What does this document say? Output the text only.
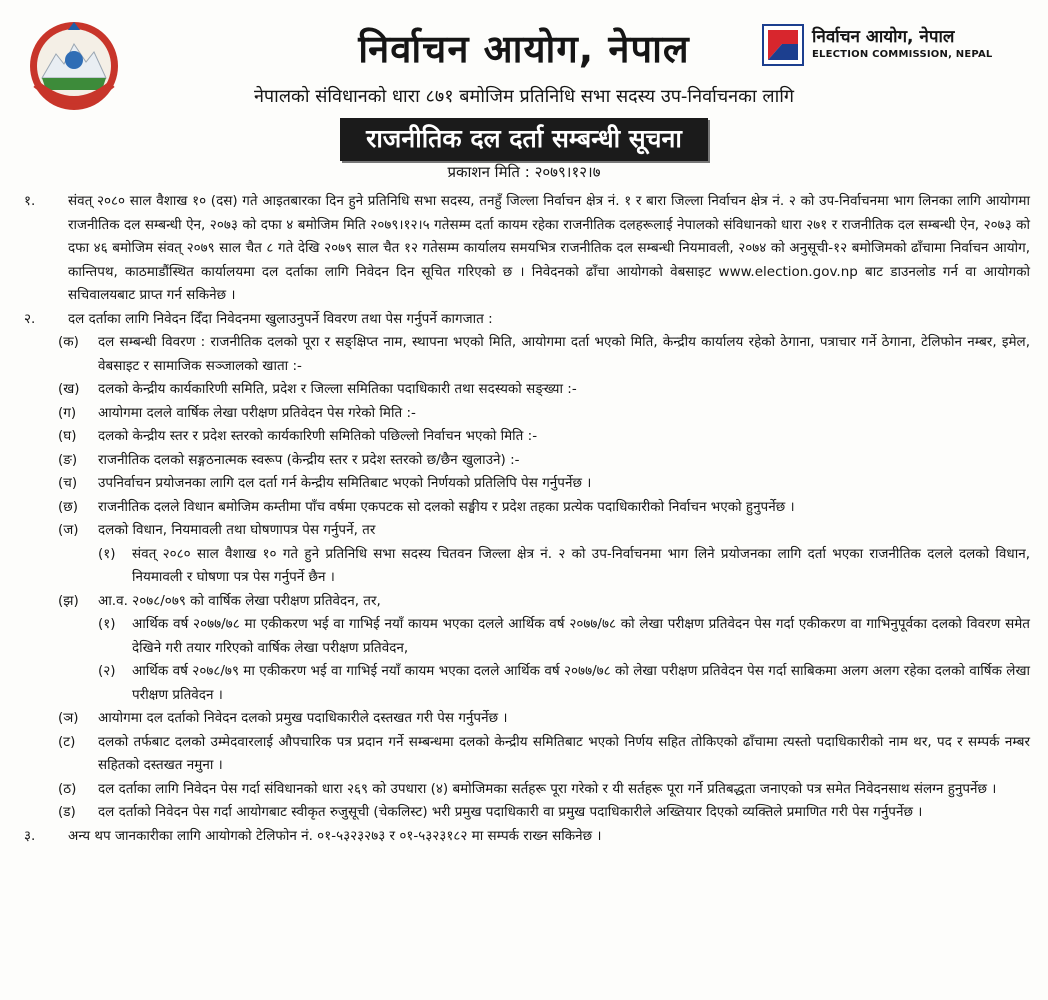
निर्वाचन आयोग, नेपाल	निर्वाचन आयोग, नेपाल
ELECTION COMMISSION, NEPAL
नेपालको संविधानको धारा ८७१ बमोजिम प्रतिनिधि सभा सदस्य उप-निर्वाचनका लागि
राजनीतिक दल दर्ता सम्बन्धी सूचना
प्रकाशन मिति : २०७९।१२।७
१.	संवत् २०८० साल वैशाख १० (दस) गते आइतबारका दिन हुने प्रतिनिधि सभा सदस्य, तनहुँ जिल्ला निर्वाचन क्षेत्र नं. १ र बारा जिल्ला निर्वाचन क्षेत्र नं. २ को उप-निर्वाचनमा भाग लिनका लागि आयोगमा राजनीतिक दल सम्बन्धी ऐन, २०७३ को दफा ४ बमोजिम मिति २०७९।१२।५ गतेसम्म दर्ता कायम रहेका राजनीतिक दलहरूलाई नेपालको संविधानको धारा २७१ र राजनीतिक दल सम्बन्धी ऐन, २०७३ को दफा ४६ बमोजिम संवत् २०७९ साल चैत ८ गते देखि २०७९ साल चैत १२ गतेसम्म कार्यालय समयभित्र राजनीतिक दल सम्बन्धी नियमावली, २०७४ को अनुसूची-१२ बमोजिमको ढाँचामा निर्वाचन आयोग, कान्तिपथ, काठमाडौंस्थित कार्यालयमा दल दर्ताका लागि निवेदन दिन सूचित गरिएको छ । निवेदनको ढाँचा आयोगको वेबसाइट www.election.gov.np बाट डाउनलोड गर्न वा आयोगको सचिवालयबाट प्राप्त गर्न सकिनेछ ।
२.	दल दर्ताका लागि निवेदन दिँदा निवेदनमा खुलाउनुपर्ने विवरण तथा पेस गर्नुपर्ने कागजात :
(क)	दल सम्बन्धी विवरण : राजनीतिक दलको पूरा र सङ्क्षिप्त नाम, स्थापना भएको मिति, आयोगमा दर्ता भएको मिति, केन्द्रीय कार्यालय रहेको ठेगाना, पत्राचार गर्ने ठेगाना, टेलिफोन नम्बर, इमेल, वेबसाइट र सामाजिक सञ्जालको खाता :-
(ख)	दलको केन्द्रीय कार्यकारिणी समिति, प्रदेश र जिल्ला समितिका पदाधिकारी तथा सदस्यको सङ्ख्या :-
(ग)	आयोगमा दलले वार्षिक लेखा परीक्षण प्रतिवेदन पेस गरेको मिति :-
(घ)	दलको केन्द्रीय स्तर र प्रदेश स्तरको कार्यकारिणी समितिको पछिल्लो निर्वाचन भएको मिति :-
(ङ)	राजनीतिक दलको सङ्गठनात्मक स्वरूप (केन्द्रीय स्तर र प्रदेश स्तरको छ/छैन खुलाउने) :-
(च)	उपनिर्वाचन प्रयोजनका लागि दल दर्ता गर्न केन्द्रीय समितिबाट भएको निर्णयको प्रतिलिपि पेस गर्नुपर्नेछ ।
(छ)	राजनीतिक दलले विधान बमोजिम कम्तीमा पाँच वर्षमा एकपटक सो दलको सङ्घीय र प्रदेश तहका प्रत्येक पदाधिकारीको निर्वाचन भएको हुनुपर्नेछ ।
(ज)	दलको विधान, नियमावली तथा घोषणापत्र पेस गर्नुपर्ने, तर
(१)	संवत् २०८० साल वैशाख १० गते हुने प्रतिनिधि सभा सदस्य चितवन जिल्ला क्षेत्र नं. २ को उप-निर्वाचनमा भाग लिने प्रयोजनका लागि दर्ता भएका राजनीतिक दलले दलको विधान, नियमावली र घोषणा पत्र पेस गर्नुपर्ने छैन ।
(झ)	आ.व. २०७८/०७९ को वार्षिक लेखा परीक्षण प्रतिवेदन, तर,
(१)	आर्थिक वर्ष २०७७/७८ मा एकीकरण भई वा गाभिई नयाँ कायम भएका दलले आर्थिक वर्ष २०७७/७८ को लेखा परीक्षण प्रतिवेदन पेस गर्दा एकीकरण वा गाभिनुपूर्वका दलको विवरण समेत देखिने गरी तयार गरिएको वार्षिक लेखा परीक्षण प्रतिवेदन,
(२)	आर्थिक वर्ष २०७८/७९ मा एकीकरण भई वा गाभिई नयाँ कायम भएका दलले आर्थिक वर्ष २०७७/७८ को लेखा परीक्षण प्रतिवेदन पेस गर्दा साबिकमा अलग अलग रहेका दलको वार्षिक लेखा परीक्षण प्रतिवेदन ।
(ञ)	आयोगमा दल दर्ताको निवेदन दलको प्रमुख पदाधिकारीले दस्तखत गरी पेस गर्नुपर्नेछ ।
(ट)	दलको तर्फबाट दलको उम्मेदवारलाई औपचारिक पत्र प्रदान गर्ने सम्बन्धमा दलको केन्द्रीय समितिबाट भएको निर्णय सहित तोकिएको ढाँचामा त्यस्तो पदाधिकारीको नाम थर, पद र सम्पर्क नम्बर सहितको दस्तखत नमुना ।
(ठ)	दल दर्ताका लागि निवेदन पेस गर्दा संविधानको धारा २६९ को उपधारा (४) बमोजिमका सर्तहरू पूरा गरेको र यी सर्तहरू पूरा गर्ने प्रतिबद्धता जनाएको पत्र समेत निवेदनसाथ संलग्न हुनुपर्नेछ ।
(ड)	दल दर्ताको निवेदन पेस गर्दा आयोगबाट स्वीकृत रुजुसूची (चेकलिस्ट) भरी प्रमुख पदाधिकारी वा प्रमुख पदाधिकारीले अख्तियार दिएको व्यक्तिले प्रमाणित गरी पेस गर्नुपर्नेछ ।
३.	अन्य थप जानकारीका लागि आयोगको टेलिफोन नं. ०१-५३२३२७३ र ०१-५३२३१८२ मा सम्पर्क राख्न सकिनेछ ।
